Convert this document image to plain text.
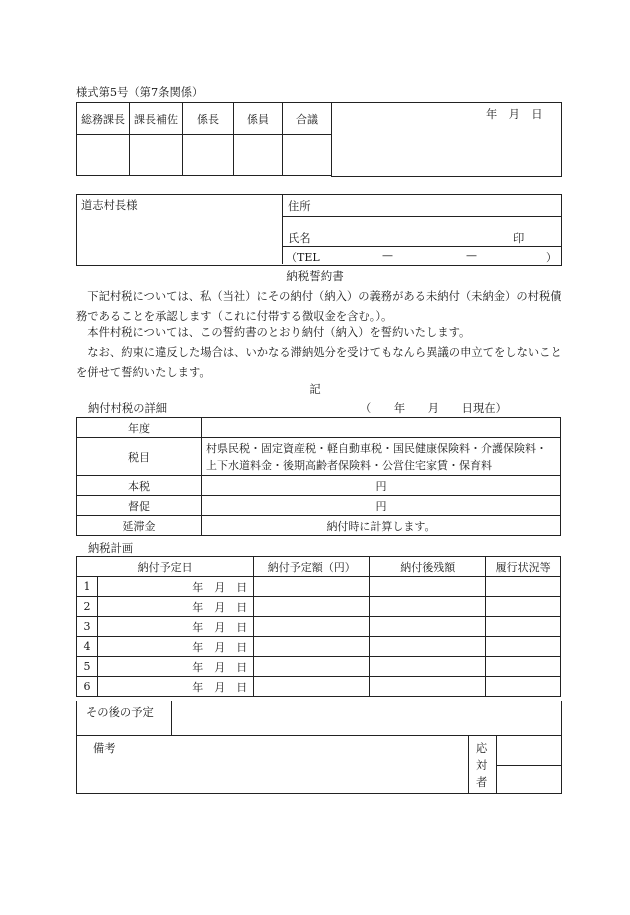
様式第5号（第7条関係）
総務課長	課長補佐	係長	係員	合議
					年　月　日
道志村長様	住所
氏名	印
（TEL	—	—	）
納税誓約書
　下記村税については、私（当社）にその納付（納入）の義務がある未納付（未納金）の村税債務であることを承認します（これに付帯する徴収金を含む。）。
　本件村税については、この誓約書のとおり納付（納入）を誓約いたします。
　なお、約束に違反した場合は、いかなる滞納処分を受けてもなんら異議の申立てをしないことを併せて誓約いたします。
記
納付村税の詳細	（　　年　　月　　日現在）
年度	
税目	村県民税・固定資産税・軽自動車税・国民健康保険料・介護保険料・上下水道料金・後期高齢者保険料・公営住宅家賃・保育料
本税	円
督促	円
延滞金	納付時に計算します。
納税計画
納付予定日		納付予定額（円）	納付後残額	履行状況等
1	年　月　日			
2	年　月　日			
3	年　月　日			
4	年　月　日			
5	年　月　日			
6	年　月　日			
その後の予定
備考	応
対
者
